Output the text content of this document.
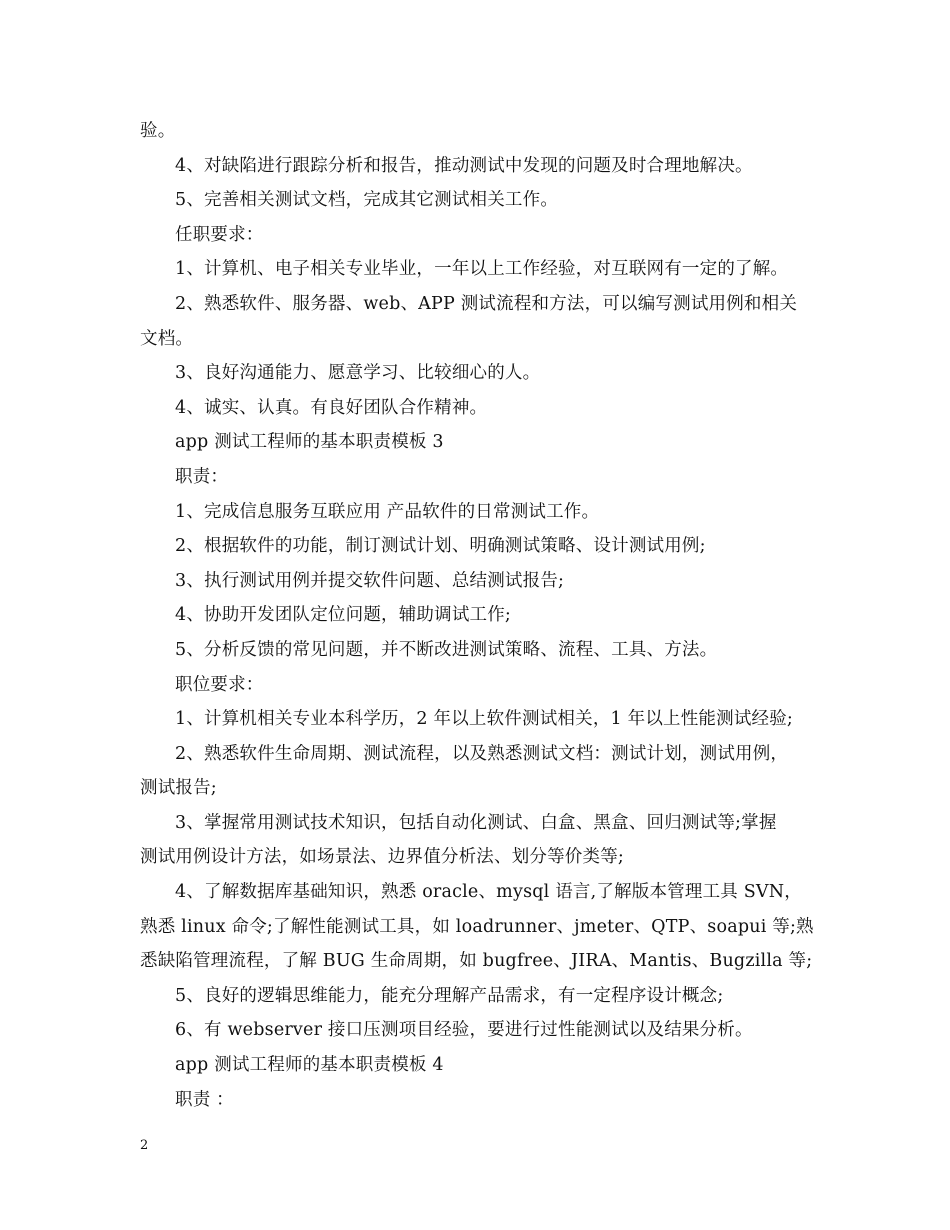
验。
4、对缺陷进行跟踪分析和报告，推动测试中发现的问题及时合理地解决。
5、完善相关测试文档，完成其它测试相关工作。
任职要求：
1、计算机、电子相关专业毕业，一年以上工作经验，对互联网有一定的了解。
2、熟悉软件、服务器、web、APP 测试流程和方法，可以编写测试用例和相关
文档。
3、良好沟通能力、愿意学习、比较细心的人。
4、诚实、认真。有良好团队合作精神。
app 测试工程师的基本职责模板 3
职责：
1、完成信息服务互联应用 产品软件的日常测试工作。
2、根据软件的功能，制订测试计划、明确测试策略、设计测试用例;
3、执行测试用例并提交软件问题、总结测试报告;
4、协助开发团队定位问题，辅助调试工作;
5、分析反馈的常见问题，并不断改进测试策略、流程、工具、方法。
职位要求：
1、计算机相关专业本科学历，2 年以上软件测试相关，1 年以上性能测试经验;
2、熟悉软件生命周期、测试流程，以及熟悉测试文档：测试计划，测试用例，
测试报告;
3、掌握常用测试技术知识，包括自动化测试、白盒、黑盒、回归测试等;掌握
测试用例设计方法，如场景法、边界值分析法、划分等价类等;
4、了解数据库基础知识，熟悉 oracle、mysql 语言,了解版本管理工具 SVN，
熟悉 linux 命令;了解性能测试工具，如 loadrunner、jmeter、QTP、soapui 等;熟
悉缺陷管理流程，了解 BUG 生命周期，如 bugfree、JIRA、Mantis、Bugzilla 等;
5、良好的逻辑思维能力，能充分理解产品需求，有一定程序设计概念;
6、有 webserver 接口压测项目经验，要进行过性能测试以及结果分析。
app 测试工程师的基本职责模板 4
职责 ：
2
